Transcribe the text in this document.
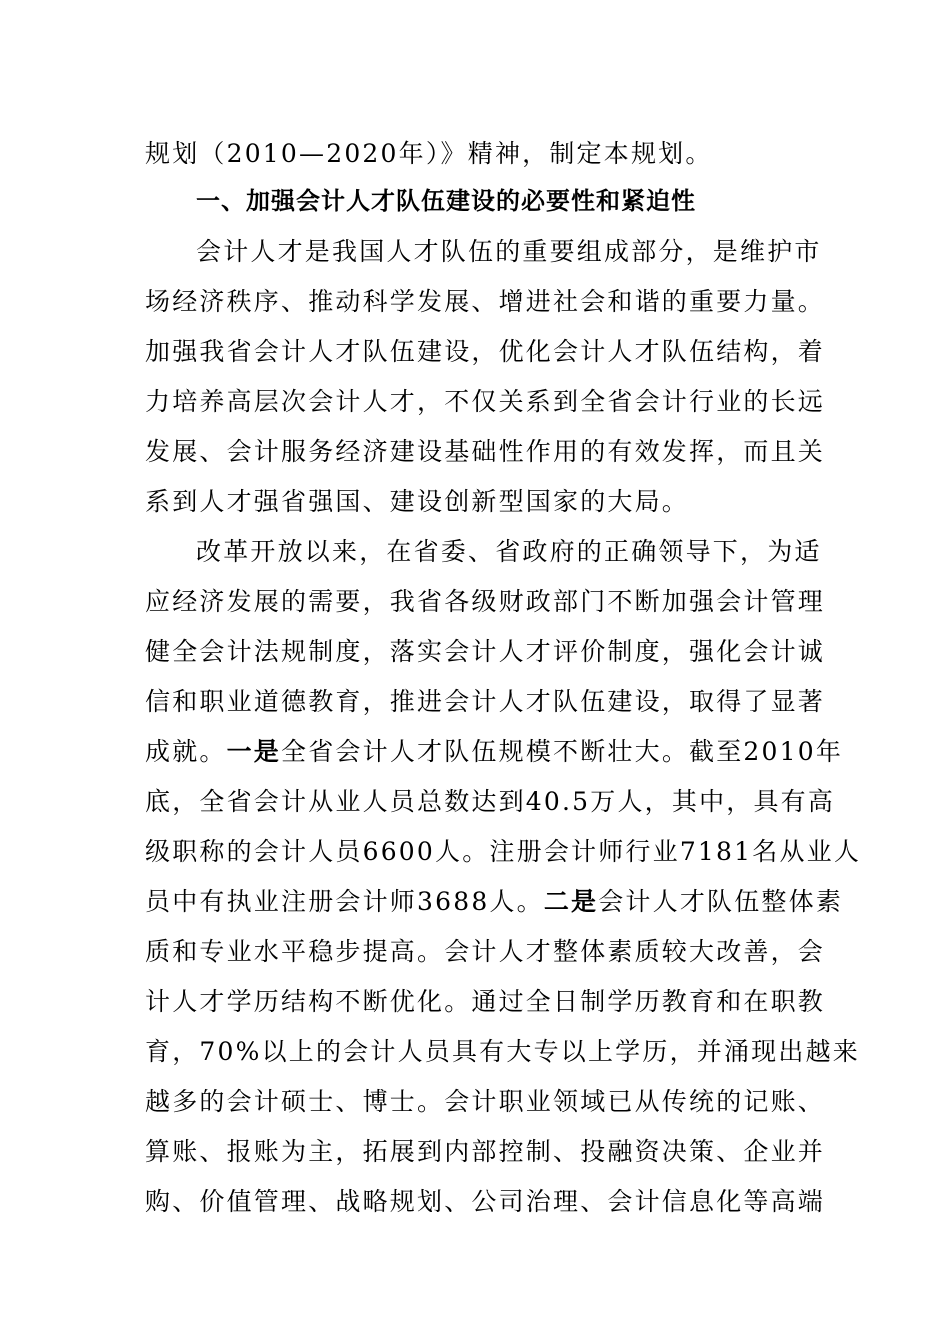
规划（2010—2020年）》精神，制定本规划。
一、加强会计人才队伍建设的必要性和紧迫性
会计人才是我国人才队伍的重要组成部分，是维护市
场经济秩序、推动科学发展、增进社会和谐的重要力量。
加强我省会计人才队伍建设，优化会计人才队伍结构，着
力培养高层次会计人才，不仅关系到全省会计行业的长远
发展、会计服务经济建设基础性作用的有效发挥，而且关
系到人才强省强国、建设创新型国家的大局。
改革开放以来，在省委、省政府的正确领导下，为适
应经济发展的需要，我省各级财政部门不断加强会计管理
健全会计法规制度，落实会计人才评价制度，强化会计诚
信和职业道德教育，推进会计人才队伍建设，取得了显著
成就。一是全省会计人才队伍规模不断壮大。截至2010年
底，全省会计从业人员总数达到40.5万人，其中，具有高
级职称的会计人员6600人。注册会计师行业7181名从业人
员中有执业注册会计师3688人。二是会计人才队伍整体素
质和专业水平稳步提高。会计人才整体素质较大改善，会
计人才学历结构不断优化。通过全日制学历教育和在职教
育，70%以上的会计人员具有大专以上学历，并涌现出越来
越多的会计硕士、博士。会计职业领域已从传统的记账、
算账、报账为主，拓展到内部控制、投融资决策、企业并
购、价值管理、战略规划、公司治理、会计信息化等高端
